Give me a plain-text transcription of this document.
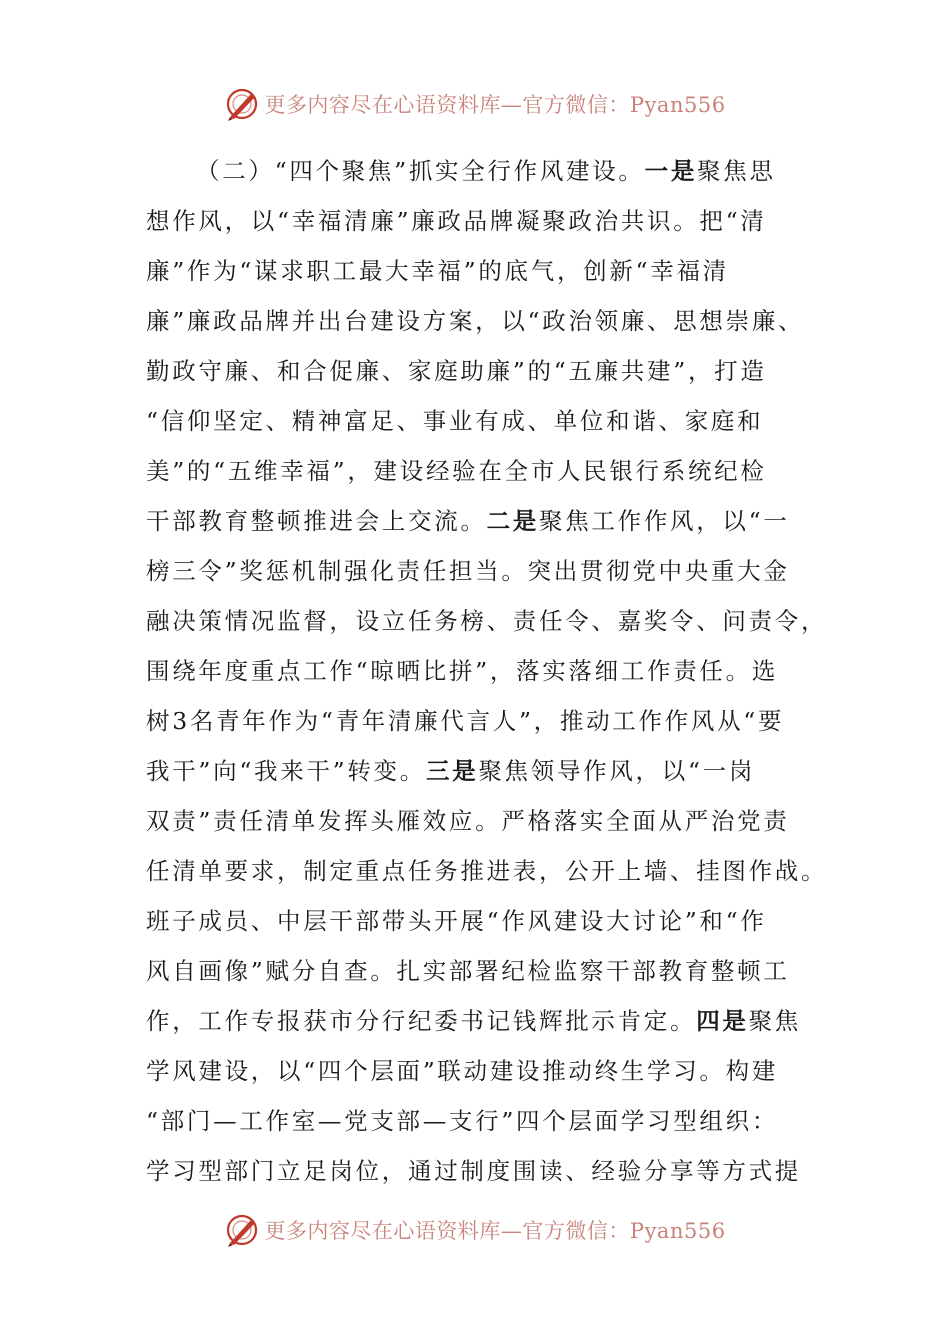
更多内容尽在心语资料库—官方微信：Pyan556
（二）“四个聚焦”抓实全行作风建设。一是聚焦思
想作风，以“幸福清廉”廉政品牌凝聚政治共识。把“清
廉”作为“谋求职工最大幸福”的底气，创新“幸福清
廉”廉政品牌并出台建设方案，以“政治领廉、思想崇廉、
勤政守廉、和合促廉、家庭助廉”的“五廉共建”，打造
“信仰坚定、精神富足、事业有成、单位和谐、家庭和
美”的“五维幸福”，建设经验在全市人民银行系统纪检
干部教育整顿推进会上交流。二是聚焦工作作风，以“一
榜三令”奖惩机制强化责任担当。突出贯彻党中央重大金
融决策情况监督，设立任务榜、责任令、嘉奖令、问责令，
围绕年度重点工作“晾晒比拼”，落实落细工作责任。选
树3名青年作为“青年清廉代言人”，推动工作作风从“要
我干”向“我来干”转变。三是聚焦领导作风，以“一岗
双责”责任清单发挥头雁效应。严格落实全面从严治党责
任清单要求，制定重点任务推进表，公开上墙、挂图作战。
班子成员、中层干部带头开展“作风建设大讨论”和“作
风自画像”赋分自查。扎实部署纪检监察干部教育整顿工
作，工作专报获市分行纪委书记钱辉批示肯定。四是聚焦
学风建设，以“四个层面”联动建设推动终生学习。构建
“部门—工作室—党支部—支行”四个层面学习型组织：
学习型部门立足岗位，通过制度围读、经验分享等方式提
更多内容尽在心语资料库—官方微信：Pyan556
